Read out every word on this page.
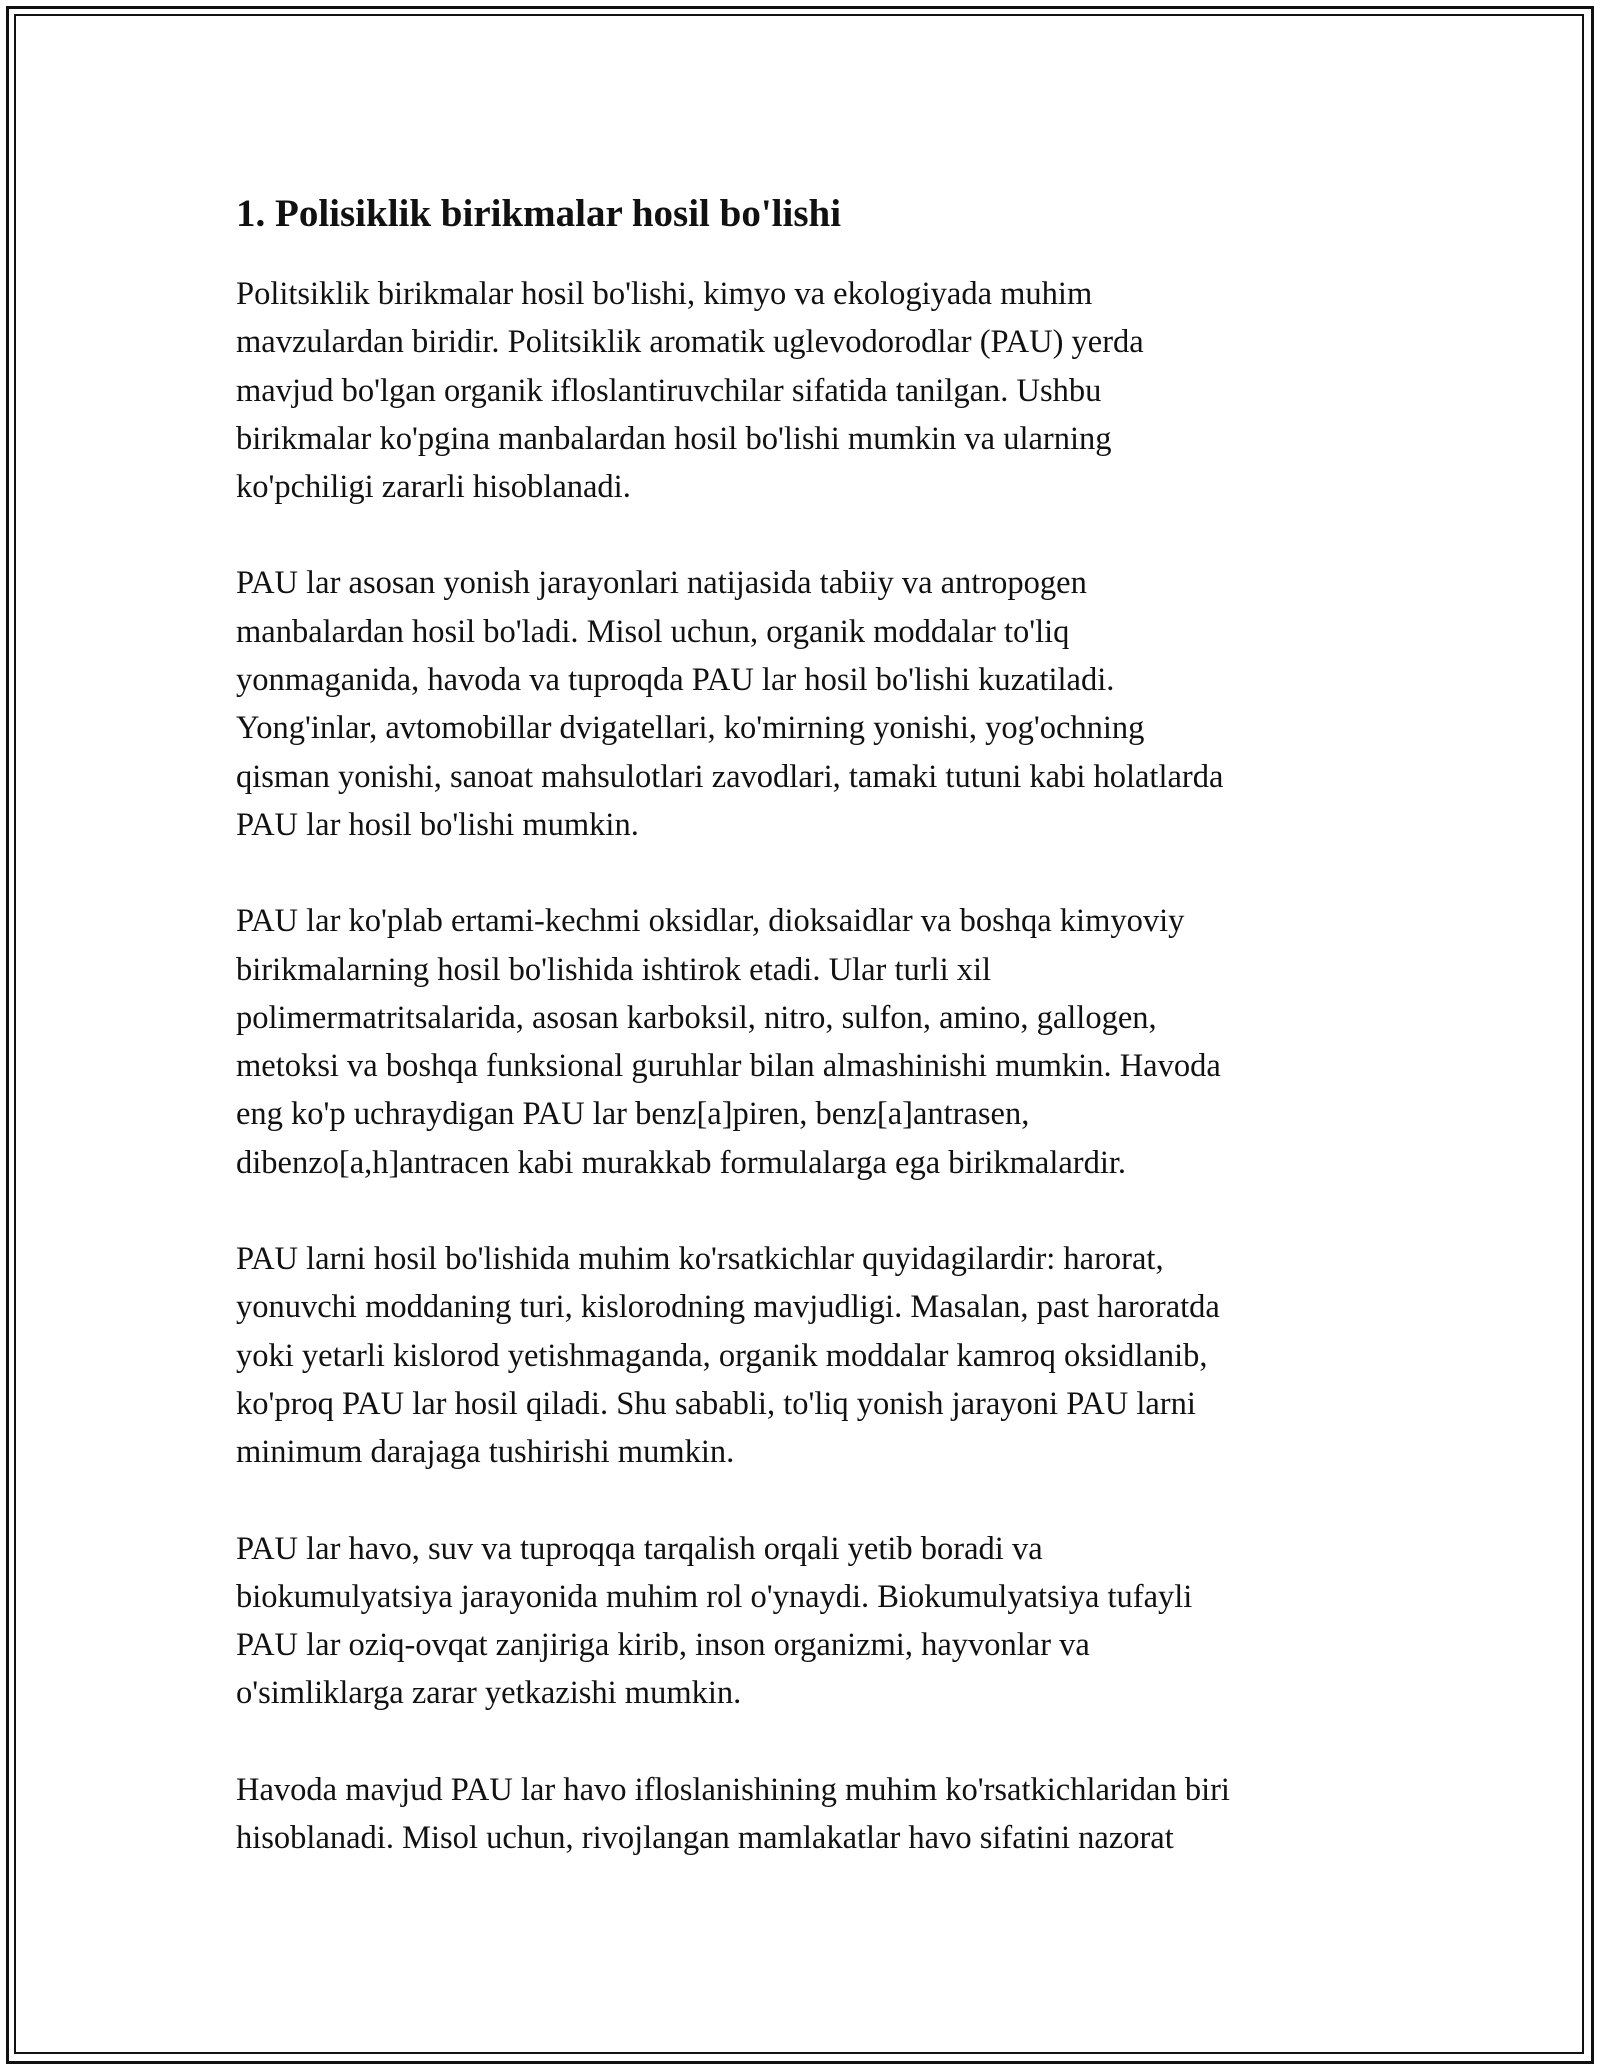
1. Polisiklik birikmalar hosil bo'lishi

Politsiklik birikmalar hosil bo'lishi, kimyo va ekologiyada muhim
mavzulardan biridir. Politsiklik aromatik uglevodorodlar (PAU) yerda
mavjud bo'lgan organik ifloslantiruvchilar sifatida tanilgan. Ushbu
birikmalar ko'pgina manbalardan hosil bo'lishi mumkin va ularning
ko'pchiligi zararli hisoblanadi.

PAU lar asosan yonish jarayonlari natijasida tabiiy va antropogen
manbalardan hosil bo'ladi. Misol uchun, organik moddalar to'liq
yonmaganida, havoda va tuproqda PAU lar hosil bo'lishi kuzatiladi.
Yong'inlar, avtomobillar dvigatellari, ko'mirning yonishi, yog'ochning
qisman yonishi, sanoat mahsulotlari zavodlari, tamaki tutuni kabi holatlarda
PAU lar hosil bo'lishi mumkin.

PAU lar ko'plab ertami-kechmi oksidlar, dioksaidlar va boshqa kimyoviy
birikmalarning hosil bo'lishida ishtirok etadi. Ular turli xil
polimermatritsalarida, asosan karboksil, nitro, sulfon, amino, gallogen,
metoksi va boshqa funksional guruhlar bilan almashinishi mumkin. Havoda
eng ko'p uchraydigan PAU lar benz[a]piren, benz[a]antrasen,
dibenzo[a,h]antracen kabi murakkab formulalarga ega birikmalardir.

PAU larni hosil bo'lishida muhim ko'rsatkichlar quyidagilardir: harorat,
yonuvchi moddaning turi, kislorodning mavjudligi. Masalan, past haroratda
yoki yetarli kislorod yetishmaganda, organik moddalar kamroq oksidlanib,
ko'proq PAU lar hosil qiladi. Shu sababli, to'liq yonish jarayoni PAU larni
minimum darajaga tushirishi mumkin.

PAU lar havo, suv va tuproqqa tarqalish orqali yetib boradi va
biokumulyatsiya jarayonida muhim rol o'ynaydi. Biokumulyatsiya tufayli
PAU lar oziq-ovqat zanjiriga kirib, inson organizmi, hayvonlar va
o'simliklarga zarar yetkazishi mumkin.

Havoda mavjud PAU lar havo ifloslanishining muhim ko'rsatkichlaridan biri
hisoblanadi. Misol uchun, rivojlangan mamlakatlar havo sifatini nazorat
